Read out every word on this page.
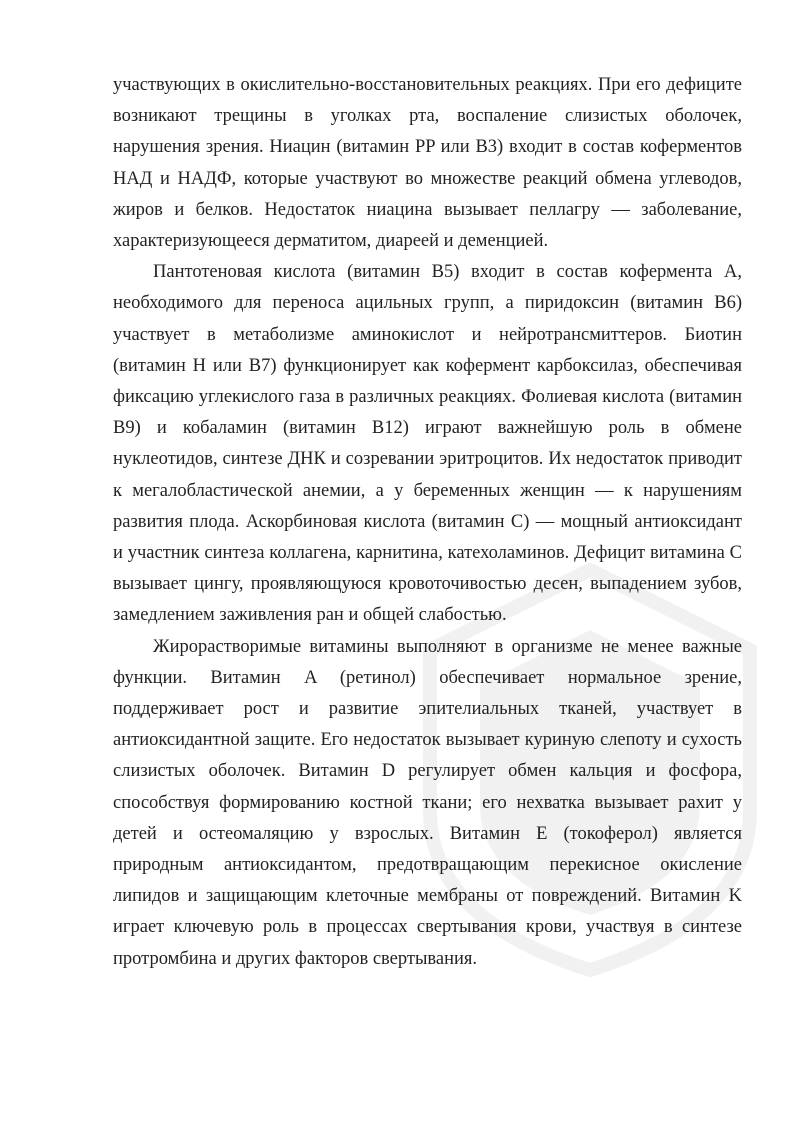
участвующих в окислительно-восстановительных реакциях. При его дефиците возникают трещины в уголках рта, воспаление слизистых оболочек, нарушения зрения. Ниацин (витамин PP или B3) входит в состав коферментов НАД и НАДФ, которые участвуют во множестве реакций обмена углеводов, жиров и белков. Недостаток ниацина вызывает пеллагру — заболевание, характеризующееся дерматитом, диареей и деменцией.

Пантотеновая кислота (витамин B5) входит в состав кофермента A, необходимого для переноса ацильных групп, а пиридоксин (витамин B6) участвует в метаболизме аминокислот и нейротрансмиттеров. Биотин (витамин H или B7) функционирует как кофермент карбоксилаз, обеспечивая фиксацию углекислого газа в различных реакциях. Фолиевая кислота (витамин B9) и кобаламин (витамин B12) играют важнейшую роль в обмене нуклеотидов, синтезе ДНК и созревании эритроцитов. Их недостаток приводит к мегалобластической анемии, а у беременных женщин — к нарушениям развития плода. Аскорбиновая кислота (витамин C) — мощный антиоксидант и участник синтеза коллагена, карнитина, катехоламинов. Дефицит витамина C вызывает цингу, проявляющуюся кровоточивостью десен, выпадением зубов, замедлением заживления ран и общей слабостью.

Жирорастворимые витамины выполняют в организме не менее важные функции. Витамин A (ретинол) обеспечивает нормальное зрение, поддерживает рост и развитие эпителиальных тканей, участвует в антиоксидантной защите. Его недостаток вызывает куриную слепоту и сухость слизистых оболочек. Витамин D регулирует обмен кальция и фосфора, способствуя формированию костной ткани; его нехватка вызывает рахит у детей и остеомаляцию у взрослых. Витамин E (токоферол) является природным антиоксидантом, предотвращающим перекисное окисление липидов и защищающим клеточные мембраны от повреждений. Витамин K играет ключевую роль в процессах свертывания крови, участвуя в синтезе протромбина и других факторов свертывания.
